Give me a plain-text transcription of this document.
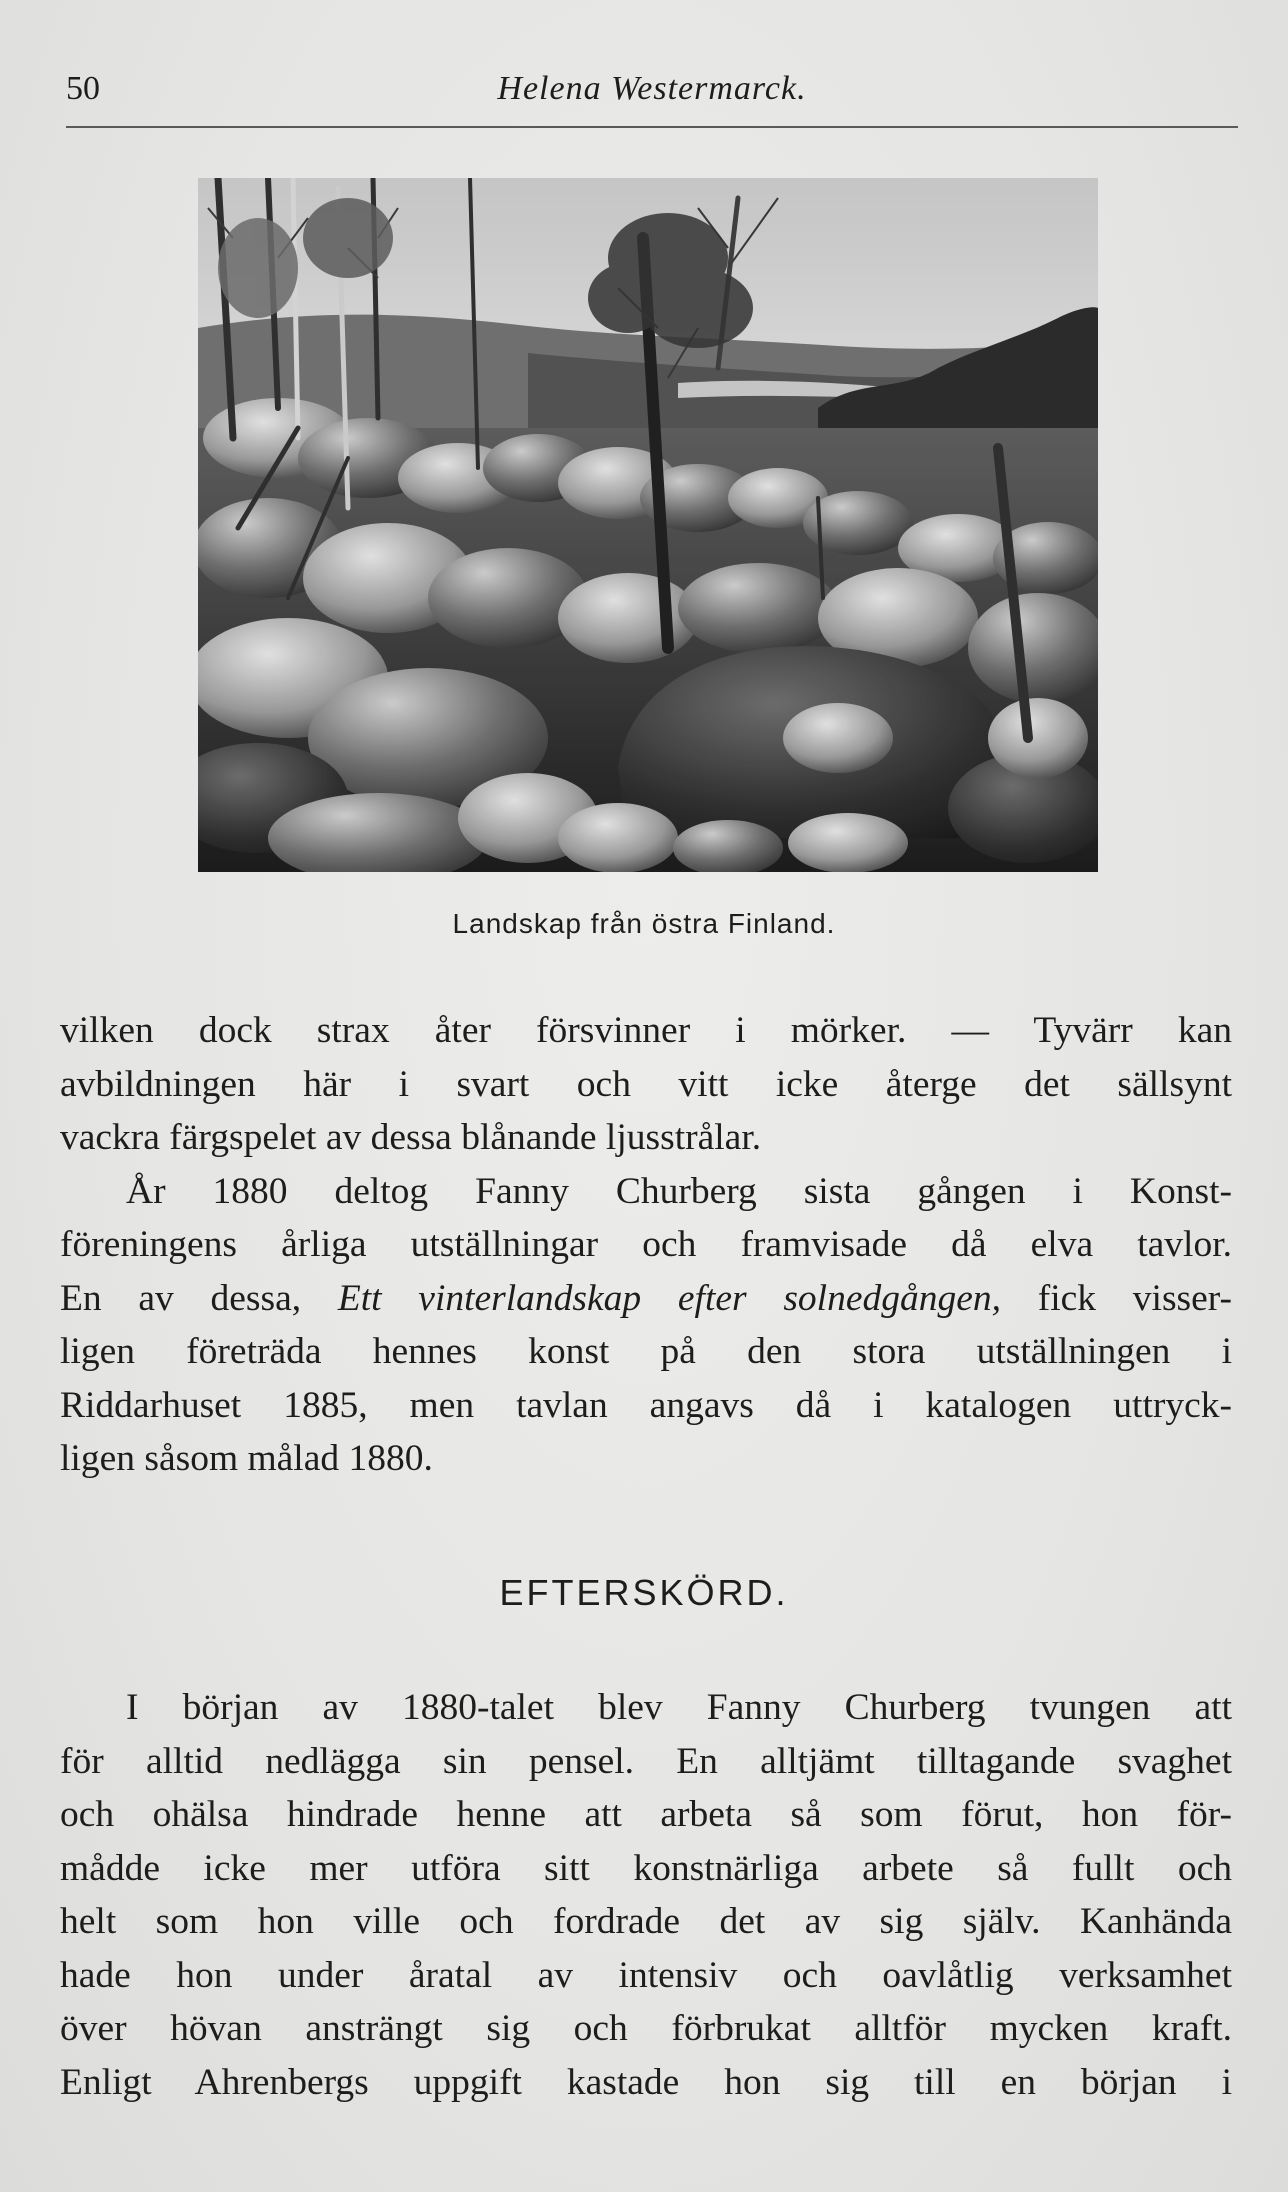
50	Helena Westermarck.
Landskap från östra Finland.
vilken dock strax åter försvinner i mörker. — Tyvärr kan
avbildningen här i svart och vitt icke återge det sällsynt
vackra färgspelet av dessa blånande ljusstrålar.
År 1880 deltog Fanny Churberg sista gången i Konst-
föreningens årliga utställningar och framvisade då elva tavlor.
En av dessa, Ett vinterlandskap efter solnedgången, fick visser-
ligen företräda hennes konst på den stora utställningen i
Riddarhuset 1885, men tavlan angavs då i katalogen uttryck-
ligen såsom målad 1880.
EFTERSKÖRD.
I början av 1880-talet blev Fanny Churberg tvungen att
för alltid nedlägga sin pensel. En alltjämt tilltagande svaghet
och ohälsa hindrade henne att arbeta så som förut, hon för-
mådde icke mer utföra sitt konstnärliga arbete så fullt och
helt som hon ville och fordrade det av sig själv. Kanhända
hade hon under åratal av intensiv och oavlåtlig verksamhet
över hövan ansträngt sig och förbrukat alltför mycken kraft.
Enligt Ahrenbergs uppgift kastade hon sig till en början i
